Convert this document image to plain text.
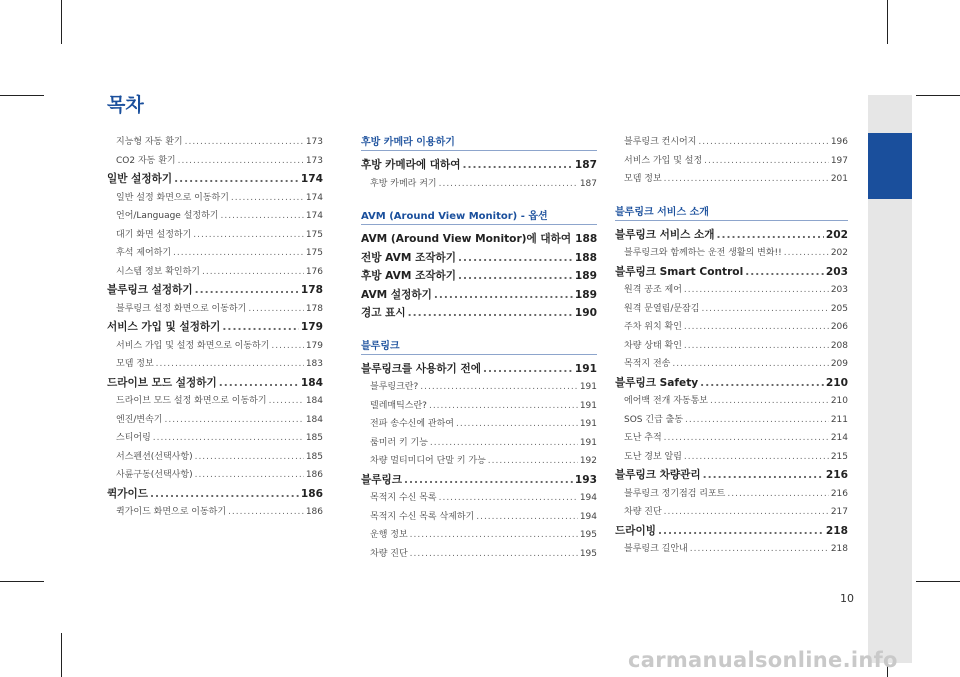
목차
지능형 자동 환기 .....	173
CO2 자동 환기 .....	173
일반 설정하기 .....	174
일반 설정 화면으로 이동하기 .....	174
언어/Language 설정하기 .....	174
대기 화면 설정하기 .....	175
후석 제어하기 .....	175
시스템 정보 확인하기 .....	176
블루링크 설정하기 .....	178
블루링크 설정 화면으로 이동하기 .....	178
서비스 가입 및 설정하기 .....	179
서비스 가입 및 설정 화면으로 이동하기 .....	179
모뎀 정보 .....	183
드라이브 모드 설정하기 .....	184
드라이브 모드 설정 화면으로 이동하기 .....	184
엔진/변속기 .....	184
스티어링 .....	185
서스펜션(선택사항) .....	185
사륜구동(선택사항) .....	186
퀵가이드 .....	186
퀵가이드 화면으로 이동하기 .....	186
후방 카메라 이용하기
후방 카메라에 대하여 .....	187
후방 카메라 켜기 .....	187
AVM (Around View Monitor) - 옵션
AVM (Around View Monitor)에 대하여 188
전방 AVM 조작하기 .....	188
후방 AVM 조작하기 .....	189
AVM 설정하기 .....	189
경고 표시 .....	190
블루링크
블루링크를 사용하기 전에 .....	191
블루링크란? .....	191
텔레매틱스란? .....	191
전파 송수신에 관하여 .....	191
룸미러 키 기능 .....	191
차량 멀티미디어 단말 키 가능 .....	192
블루링크 .....	193
목적지 수신 목록 .....	194
목적지 수신 목록 삭제하기 .....	194
운행 정보 .....	195
차량 진단 .....	195
블루링크 컨시어지 .....	196
서비스 가입 및 설정 .....	197
모뎀 정보 .....	201
블루링크 서비스 소개
블루링크 서비스 소개 .....	202
블루링크와 함께하는 운전 생활의 변화!! .....	202
블루링크 Smart Control .....	203
원격 공조 제어 .....	203
원격 문열림/문잠김 .....	205
주차 위치 확인 .....	206
차량 상태 확인 .....	208
목적지 전송 .....	209
블루링크 Safety .....	210
에어백 전개 자동통보 .....	210
SOS 긴급 출동 .....	211
도난 추적 .....	214
도난 경보 알림 .....	215
블루링크 차량관리 .....	216
블루링크 정기점검 리포트 .....	216
차량 진단 .....	217
드라이빙 .....	218
블루링크 길안내 .....	218
10
carmanualsonline.info
